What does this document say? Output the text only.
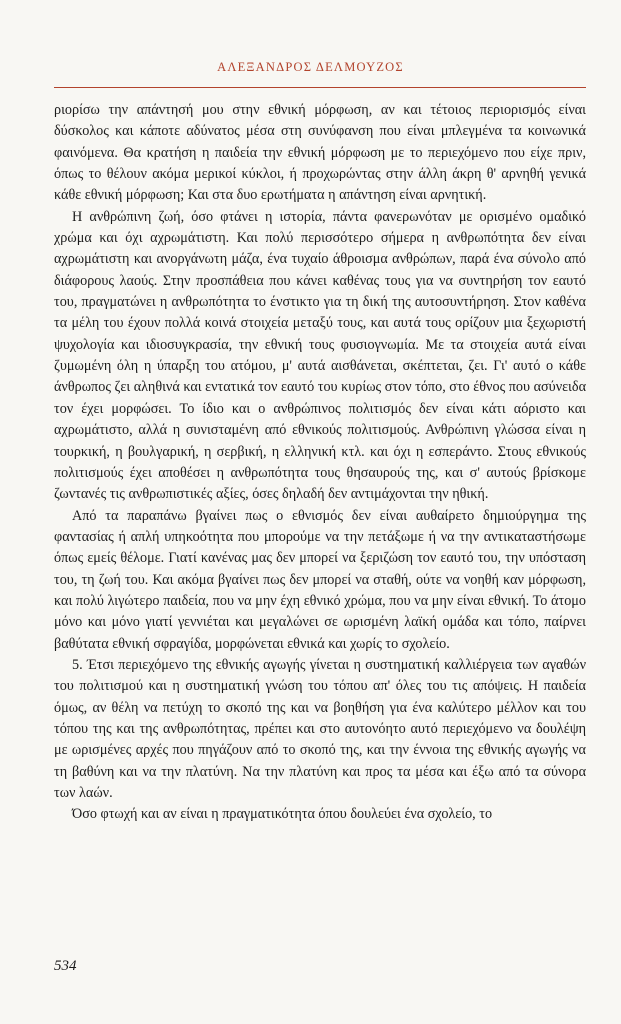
ΑΛΕΞΑΝΔΡΟΣ ΔΕΛΜΟΥΖΟΣ

ριορίσω την απάντησή μου στην εθνική μόρφωση, αν και τέτοιος περιορισμός είναι δύσκολος και κάποτε αδύνατος μέσα στη συνύφανση που είναι μπλεγμένα τα κοινωνικά φαινόμενα. Θα κρατήση η παιδεία την εθνική μόρφωση με το περιεχόμενο που είχε πριν, όπως το θέλουν ακόμα μερικοί κύκλοι, ή προχωρώντας στην άλλη άκρη θ' αρνηθή γενικά κάθε εθνική μόρφωση; Και στα δυο ερωτήματα η απάντηση είναι αρνητική.

Η ανθρώπινη ζωή, όσο φτάνει η ιστορία, πάντα φανερωνόταν με ορισμένο ομαδικό χρώμα και όχι αχρωμάτιστη. Και πολύ περισσότερο σήμερα η ανθρωπότητα δεν είναι αχρωμάτιστη και ανοργάνωτη μάζα, ένα τυχαίο άθροισμα ανθρώπων, παρά ένα σύνολο από διάφορους λαούς. Στην προσπάθεια που κάνει καθένας τους για να συντηρήση τον εαυτό του, πραγματώνει η ανθρωπότητα το ένστικτο για τη δική της αυτοσυντήρηση. Στον καθένα τα μέλη του έχουν πολλά κοινά στοιχεία μεταξύ τους, και αυτά τους ορίζουν μια ξεχωριστή ψυχολογία και ιδιοσυγκρασία, την εθνική τους φυσιογνωμία. Με τα στοιχεία αυτά είναι ζυμωμένη όλη η ύπαρξη του ατόμου, μ' αυτά αισθάνεται, σκέπτεται, ζει. Γι' αυτό ο κάθε άνθρωπος ζει αληθινά και εντατικά τον εαυτό του κυρίως στον τόπο, στο έθνος που ασύνειδα τον έχει μορφώσει. Το ίδιο και ο ανθρώπινος πολιτισμός δεν είναι κάτι αόριστο και αχρωμάτιστο, αλλά η συνισταμένη από εθνικούς πολιτισμούς. Ανθρώπινη γλώσσα είναι η τουρκική, η βουλγαρική, η σερβική, η ελληνική κτλ. και όχι η εσπεράντο. Στους εθνικούς πολιτισμούς έχει αποθέσει η ανθρωπότητα τους θησαυρούς της, και σ' αυτούς βρίσκομε ζωντανές τις ανθρωπιστικές αξίες, όσες δηλαδή δεν αντιμάχονται την ηθική.

Από τα παραπάνω βγαίνει πως ο εθνισμός δεν είναι αυθαίρετο δημιούργημα της φαντασίας ή απλή υπηκοότητα που μπορούμε να την πετάξωμε ή να την αντικαταστήσωμε όπως εμείς θέλομε. Γιατί κανένας μας δεν μπορεί να ξεριζώση τον εαυτό του, την υπόσταση του, τη ζωή του. Και ακόμα βγαίνει πως δεν μπορεί να σταθή, ούτε να νοηθή καν μόρφωση, και πολύ λιγώτερο παιδεία, που να μην έχη εθνικό χρώμα, που να μην είναι εθνική. Το άτομο μόνο και μόνο γιατί γεννιέται και μεγαλώνει σε ωρισμένη λαϊκή ομάδα και τόπο, παίρνει βαθύτατα εθνική σφραγίδα, μορφώνεται εθνικά και χωρίς το σχολείο.

5. Έτσι περιεχόμενο της εθνικής αγωγής γίνεται η συστηματική καλλιέργεια των αγαθών του πολιτισμού και η συστηματική γνώση του τόπου απ' όλες του τις απόψεις. Η παιδεία όμως, αν θέλη να πετύχη το σκοπό της και να βοηθήση για ένα καλύτερο μέλλον και του τόπου της και της ανθρωπότητας, πρέπει και στο αυτονόητο αυτό περιεχόμενο να δουλέψη με ωρισμένες αρχές που πηγάζουν από το σκοπό της, και την έννοια της εθνικής αγωγής να τη βαθύνη και να την πλατύνη. Να την πλατύνη και προς τα μέσα και έξω από τα σύνορα των λαών.

Όσο φτωχή και αν είναι η πραγματικότητα όπου δουλεύει ένα σχολείο, το

534
